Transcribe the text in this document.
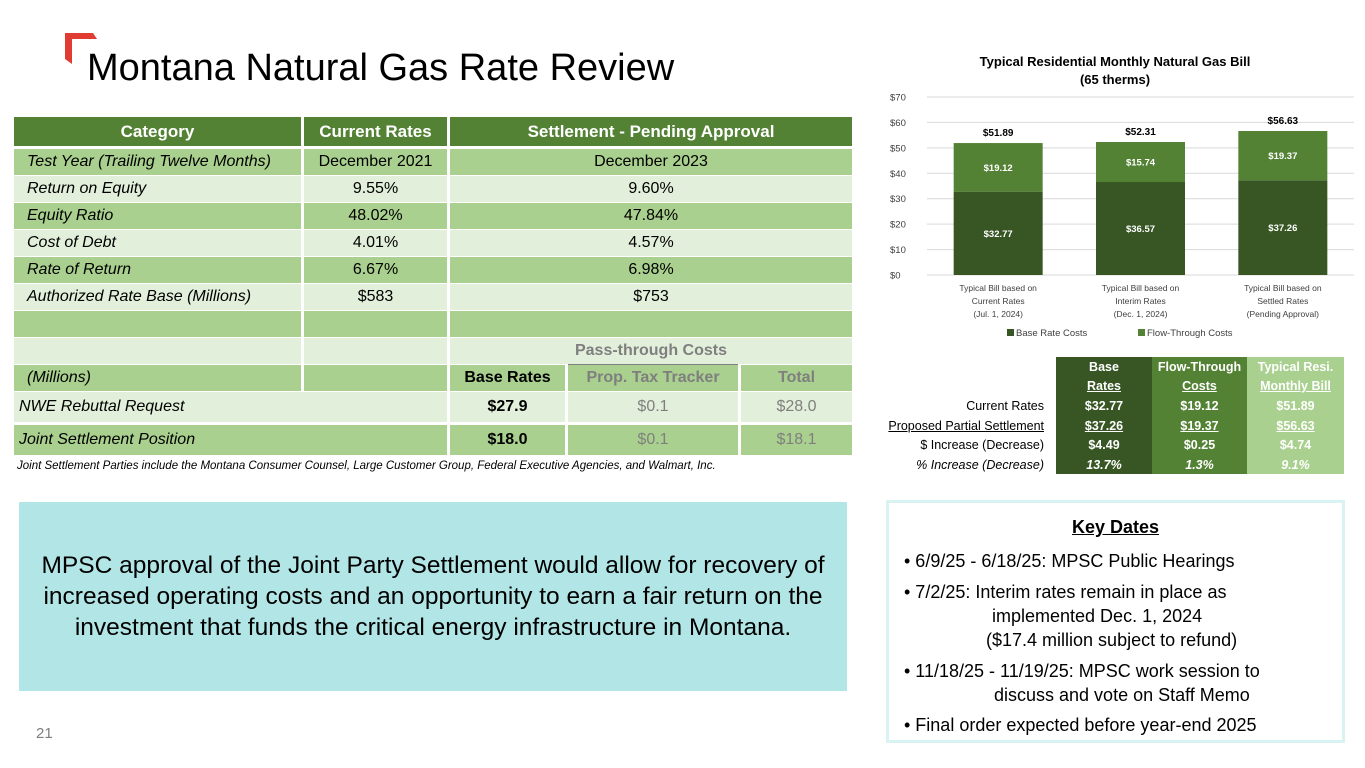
Montana Natural Gas Rate Review
Category	Current Rates	Settlement - Pending Approval
Test Year (Trailing Twelve Months)	December 2021	December 2023
Return on Equity	9.55%	9.60%
Equity Ratio	48.02%	47.84%
Cost of Debt	4.01%	4.57%
Rate of Return	6.67%	6.98%
Authorized Rate Base (Millions)	$583	$753
Pass-through Costs
(Millions)	Base Rates	Prop. Tax Tracker	Total
NWE Rebuttal Request	$27.9	$0.1	$28.0
Joint Settlement Position	$18.0	$0.1	$18.1
Joint Settlement Parties include the Montana Consumer Counsel, Large Customer Group, Federal Executive Agencies, and Walmart, Inc.

MPSC approval of the Joint Party Settlement would allow for recovery of increased operating costs and an opportunity to earn a fair return on the investment that funds the critical energy infrastructure in Montana.

21
Typical Residential Monthly Natural Gas Bill
(65 therms)
$0
$10
$20
$30
$40
$50
$60
$70
$32.77
$19.12
$51.89
Typical Bill based on
Current Rates
(Jul. 1, 2024)
$36.57
$15.74
$52.31
Typical Bill based on
Interim Rates
(Dec. 1, 2024)
$37.26
$19.37
$56.63
Typical Bill based on
Settled Rates
(Pending Approval)
Base Rate Costs	Flow-Through Costs
Base
Rates
Flow-Through
Costs
Typical Resi.
Monthly Bill
Current Rates	$32.77	$19.12	$51.89
Proposed Partial Settlement	$37.26	$19.37	$56.63
$ Increase (Decrease)	$4.49	$0.25	$4.74
% Increase (Decrease)	13.7%	1.3%	9.1%
Key Dates
• 6/9/25 - 6/18/25: MPSC Public Hearings
• 7/2/25: Interim rates remain in place as
implemented Dec. 1, 2024
($17.4 million subject to refund)
• 11/18/25 - 11/19/25: MPSC work session to
discuss and vote on Staff Memo
• Final order expected before year-end 2025
